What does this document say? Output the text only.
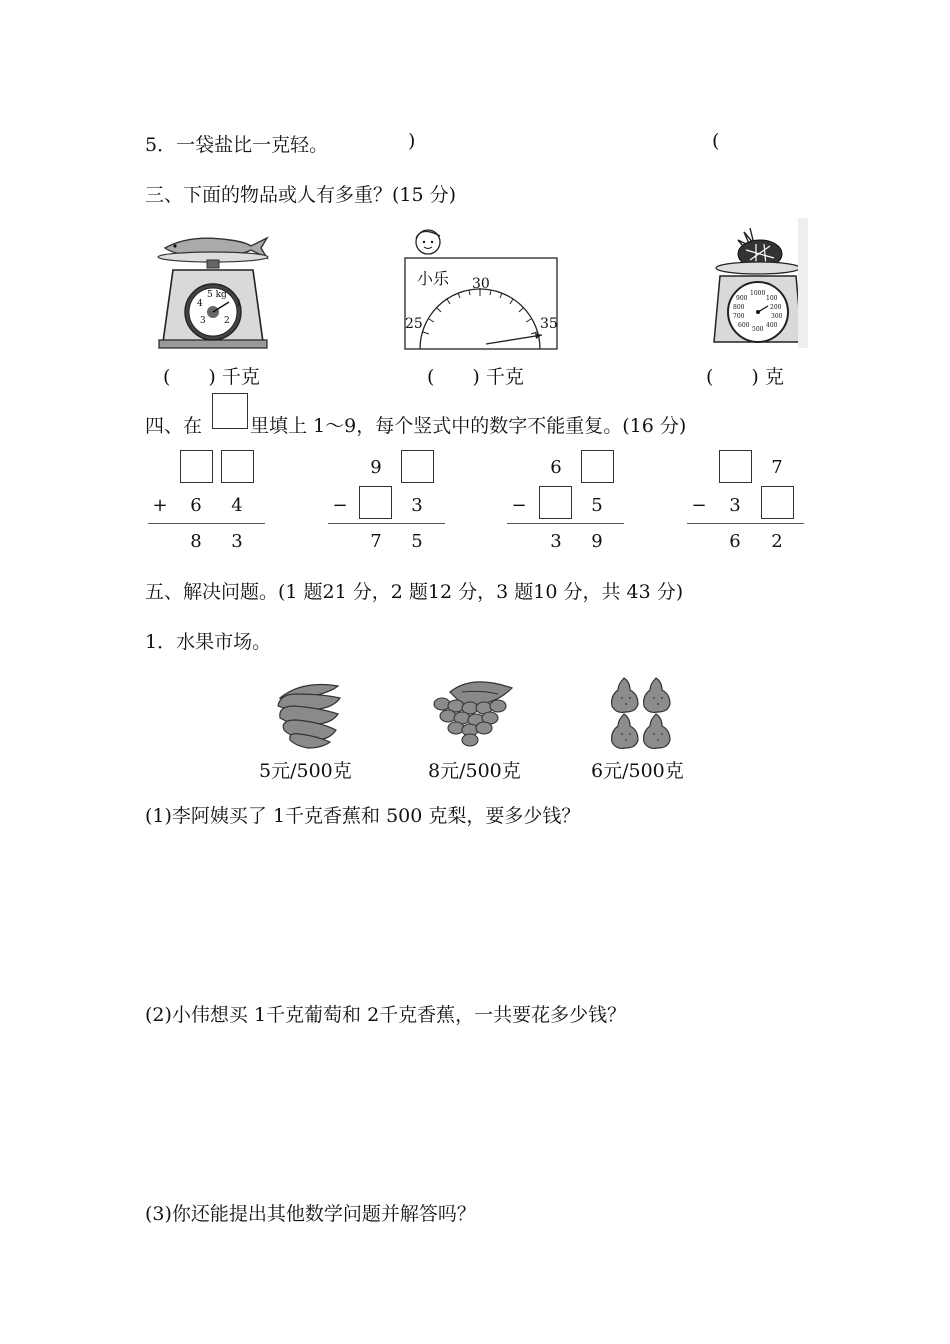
5．一袋盐比一克轻。	)	(
三、下面的物品或人有多重？(15 分)
5 kg
1
2
3
4
(　　) 千克
小乐
25
30
35
(　　) 千克
1000
100
900
200
800
300
700
400
600
500
(　　) 克
四、在	里填上 1～9，每个竖式中的数字不能重复。(16 分)
+ 6 4
8 3
9
−	3
7 5
6
−	5
3 9
7
− 3
6 2
五、解决问题。(1 题21 分，2 题12 分，3 题10 分，共 43 分)
1．水果市场。
5元/500克	8元/500克	6元/500克
(1)李阿姨买了 1千克香蕉和 500 克梨，要多少钱？
(2)小伟想买 1千克葡萄和 2千克香蕉，一共要花多少钱？
(3)你还能提出其他数学问题并解答吗？
